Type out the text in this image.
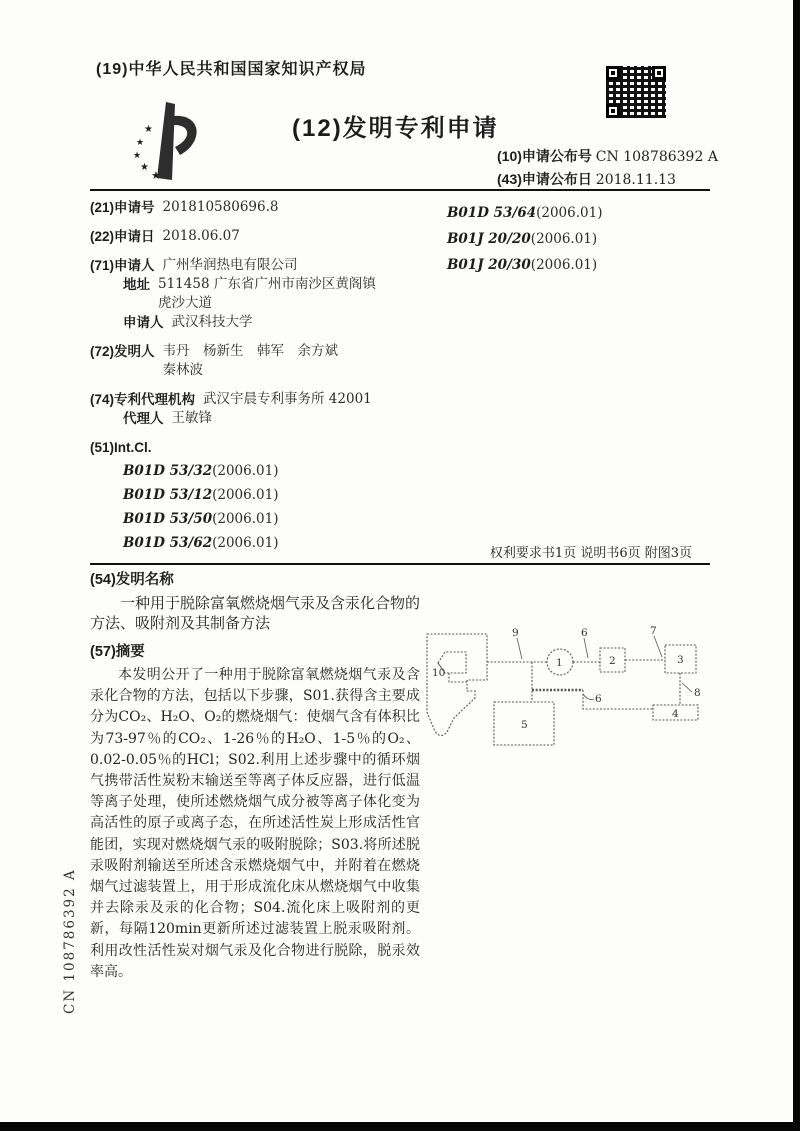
(19)中华人民共和国国家知识产权局
★
★
★
★
★
(12)发明专利申请
(10)申请公布号 CN 108786392 A
(43)申请公布日 2018.11.13
(21)申请号 201810580696.8
(22)申请日 2018.06.07
(71)申请人 广州华润热电有限公司
地址 511458 广东省广州市南沙区黄阁镇
虎沙大道
申请人 武汉科技大学
(72)发明人 韦丹　杨新生　韩军　余方斌
秦林波
(74)专利代理机构 武汉宇晨专利事务所 42001
代理人 王敏锋
(51)Int.Cl.
B01D 53/32(2006.01)
B01D 53/12(2006.01)
B01D 53/50(2006.01)
B01D 53/62(2006.01)
B01D 53/64(2006.01)
B01J 20/20(2006.01)
B01J 20/30(2006.01)
权利要求书1页 说明书6页 附图3页
(54)发明名称
一种用于脱除富氧燃烧烟气汞及含汞化合物的方法、吸附剂及其制备方法
(57)摘要
本发明公开了一种用于脱除富氧燃烧烟气汞及含汞化合物的方法，包括以下步骤，S01.获得含主要成分为CO₂、H₂O、O₂的燃烧烟气：使烟气含有体积比为73-97％的CO₂、1-26％的H₂O、1-5％的O₂、0.02-0.05％的HCl；S02.利用上述步骤中的循环烟气携带活性炭粉末输送至等离子体反应器，进行低温等离子处理，使所述燃烧烟气成分被等离子体化变为高活性的原子或离子态，在所述活性炭上形成活性官能团，实现对燃烧烟气汞的吸附脱除；S03.将所述脱汞吸附剂输送至所述含汞燃烧烟气中，并附着在燃烧烟气过滤装置上，用于形成流化床从燃烧烟气中收集并去除汞及汞的化合物；S04.流化床上吸附剂的更新，每隔120min更新所述过滤装置上脱汞吸附剂。利用改性活性炭对烟气汞及化合物进行脱除，脱汞效率高。
1	2	3
4
5
6
6
7
8
9
10
CN 108786392 A
